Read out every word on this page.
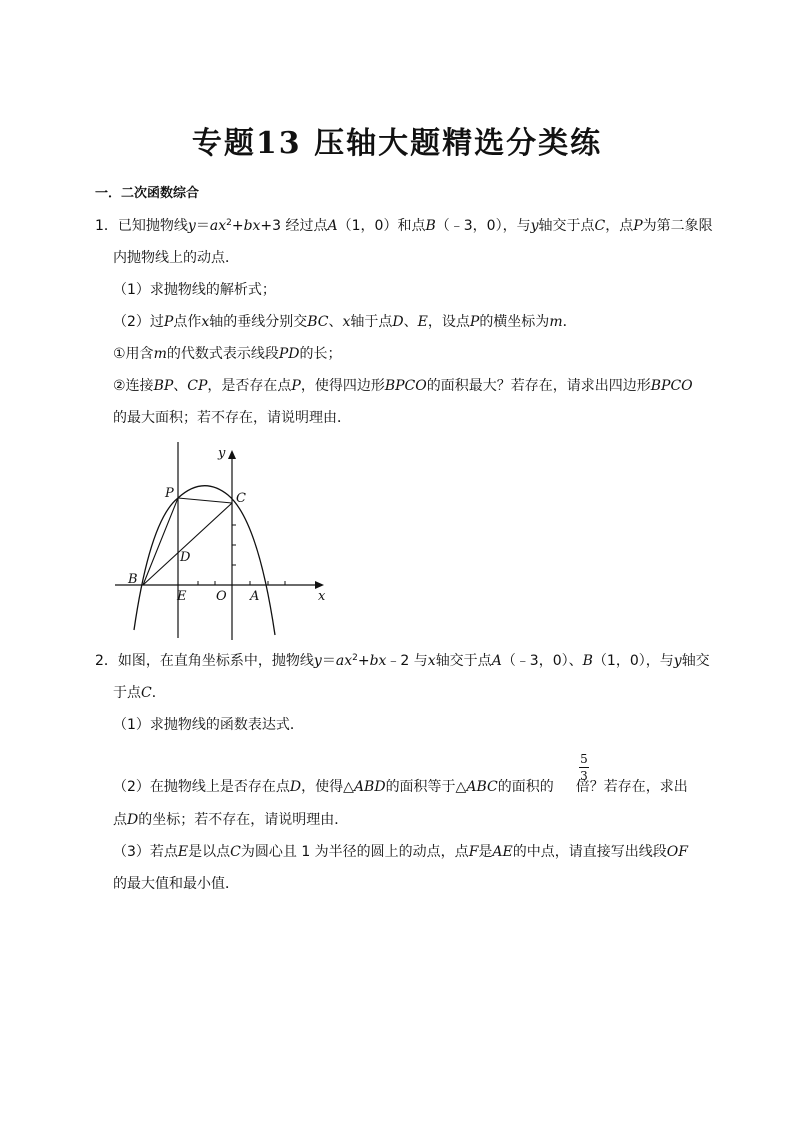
专题13 压轴大题精选分类练
一．二次函数综合
1．已知抛物线$y=ax^2+bx+3$ 经过点A（1，0）和点B（﹣3，0），与y轴交于点C，点P为第二象限
内抛物线上的动点．
（1）求抛物线的解析式；
（2）过P点作x轴的垂线分别交BC、x轴于点D、E，设点P的横坐标为m．
①用含m的代数式表示线段PD的长；
②连接BP、CP，是否存在点P，使得四边形BPCO的面积最大？若存在，请求出四边形BPCO
的最大面积；若不存在，请说明理由．
y
x
P	C
D
B
E O A
2．如图，在直角坐标系中，抛物线$y=ax^2+bx﹣2$ 与x轴交于点A（﹣3，0）、B（1，0），与y轴交
于点C．
（1）求抛物线的函数表达式．
（2）在抛物线上是否存在点D，使得△ABD的面积等于△ABC的面积的 倍？若存在，求出
5
3
点D的坐标；若不存在，请说明理由．
（3）若点E是以点C为圆心且 1 为半径的圆上的动点，点F是AE的中点，请直接写出线段OF
的最大值和最小值．
